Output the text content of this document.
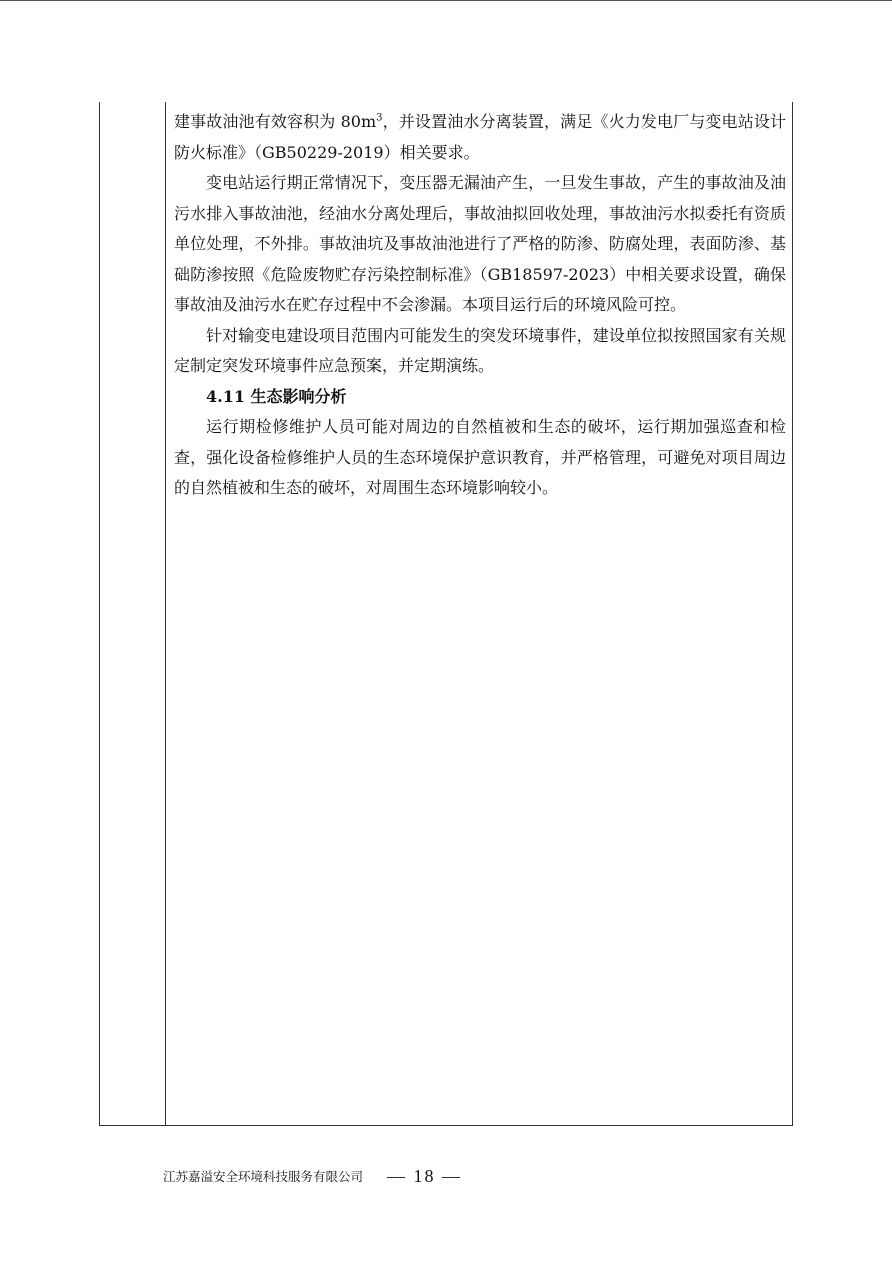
建事故油池有效容积为 $80m^3$，并设置油水分离装置，满足《火力发电厂与变电站设计防火标准》（GB50229-2019）相关要求。

变电站运行期正常情况下，变压器无漏油产生，一旦发生事故，产生的事故油及油污水排入事故油池，经油水分离处理后，事故油拟回收处理，事故油污水拟委托有资质单位处理，不外排。事故油坑及事故油池进行了严格的防渗、防腐处理，表面防渗、基础防渗按照《危险废物贮存污染控制标准》（GB18597-2023）中相关要求设置，确保事故油及油污水在贮存过程中不会渗漏。本项目运行后的环境风险可控。

针对输变电建设项目范围内可能发生的突发环境事件，建设单位拟按照国家有关规定制定突发环境事件应急预案，并定期演练。

4.11 生态影响分析

运行期检修维护人员可能对周边的自然植被和生态的破坏，运行期加强巡查和检查，强化设备检修维护人员的生态环境保护意识教育，并严格管理，可避免对项目周边的自然植被和生态的破坏，对周围生态环境影响较小。

江苏嘉溢安全环境科技服务有限公司 — 18 —
